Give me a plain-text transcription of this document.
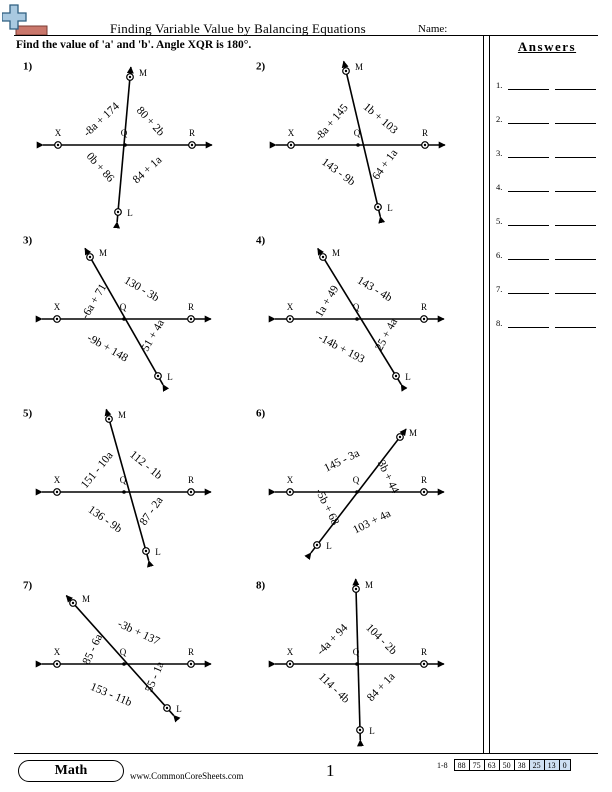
Finding Variable Value by Balancing Equations	Name:
Find the value of 'a' and 'b'. Angle XQR is 180°.	Answers
1.
2.
3.
4.
5.
6.
7.
8.
1)
X	R
Q
M
L
-8a + 174 80 + 2b
0b + 86 84 + 1a
2)
X	R
Q
M
L
-8a + 145 1b + 103
143 - 9b 64 + 1a
3)
X	R
Q
M
L
-6a + 71 130 - 3b
-9b + 148 51 + 4a
4)
X	R
Q
M
L
1a + 49 143 - 4b
-14b + 193 25 + 4a
5)
X	R
Q
M
L
151 - 10a 112 - 1b
136 - 9b 87 - 2a
6)
X	R
Q
M
L
145 - 3a 3b + 44
-5b + 68 103 + 4a
7)
X	R
Q
M
L
85 - 6a -3b + 137
153 - 11b
55 - 1a
8)
X	R
Q
M
L
-4a + 94 104 - 2b
114 - 4b 84 + 1a
Math	www.CommonCoreSheets.com	1	1-8	88	75	63	50	38	25	13	0
